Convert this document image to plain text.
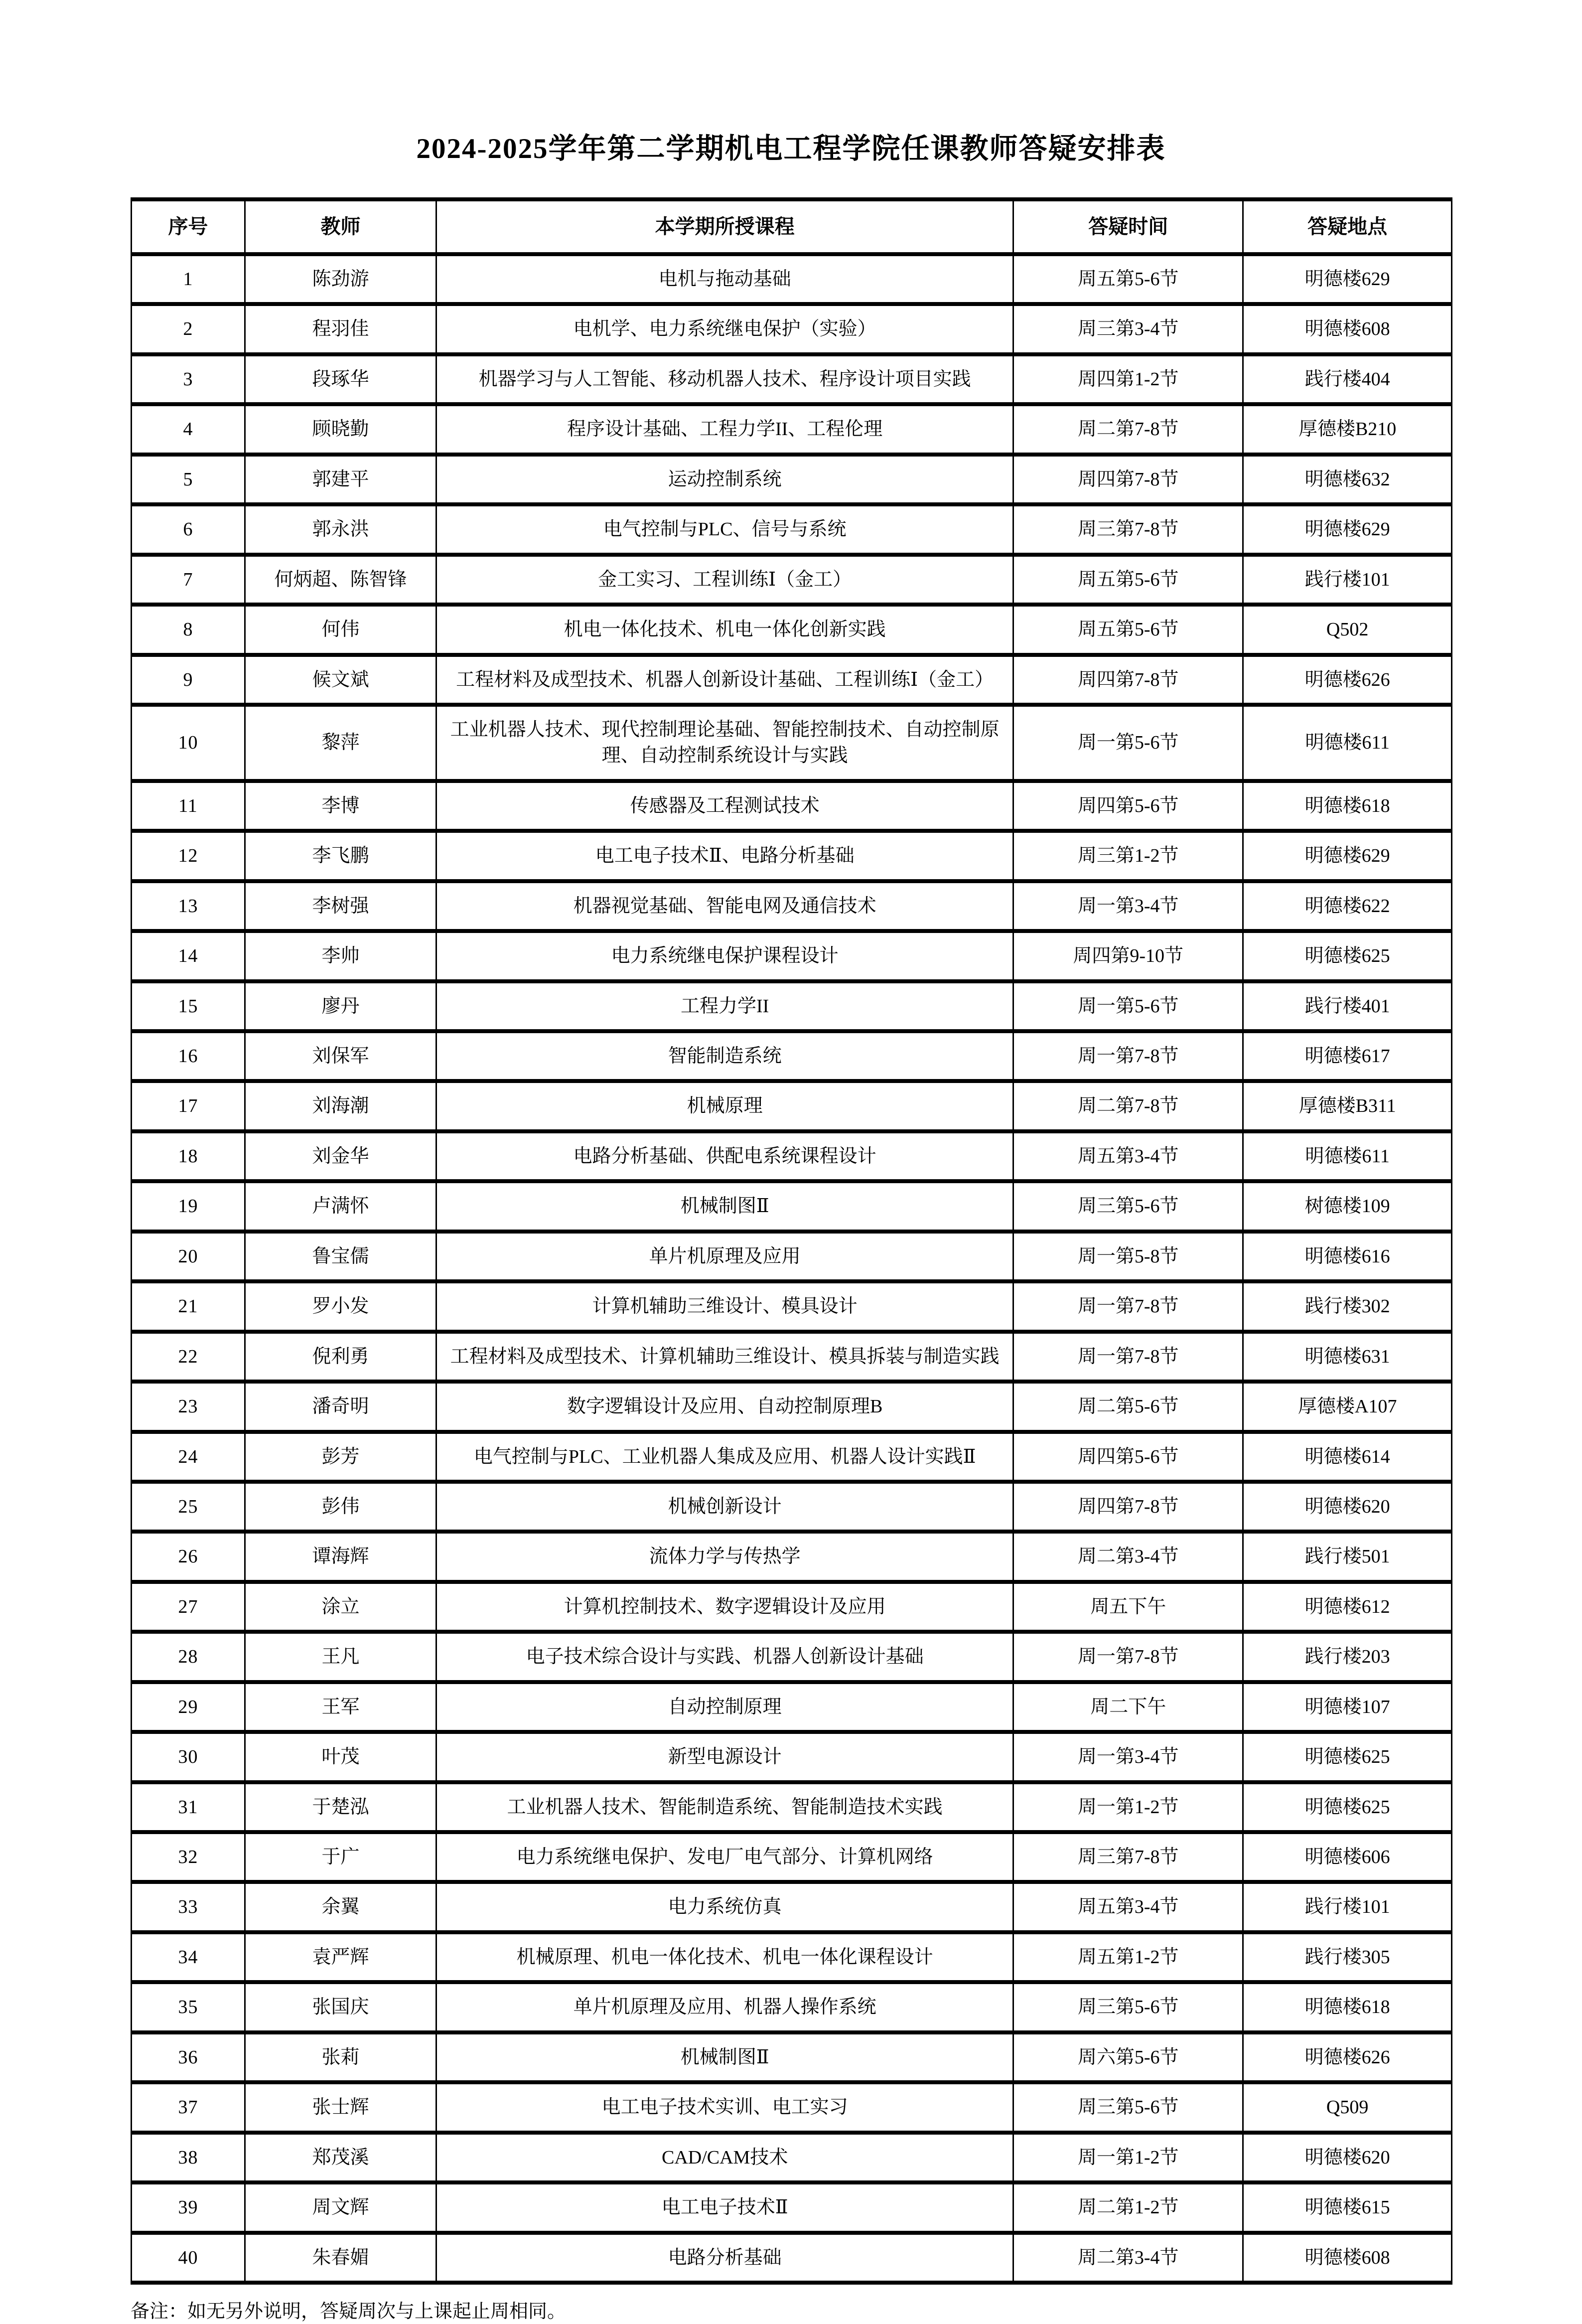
2024-2025学年第二学期机电工程学院任课教师答疑安排表
序号	教师	本学期所授课程	答疑时间	答疑地点
1	陈劲游	电机与拖动基础	周五第5-6节	明德楼629
2	程羽佳	电机学、电力系统继电保护（实验）	周三第3-4节	明德楼608
3	段琢华	机器学习与人工智能、移动机器人技术、程序设计项目实践	周四第1-2节	践行楼404
4	顾晓勤	程序设计基础、工程力学II、工程伦理	周二第7-8节	厚德楼B210
5	郭建平	运动控制系统	周四第7-8节	明德楼632
6	郭永洪	电气控制与PLC、信号与系统	周三第7-8节	明德楼629
7	何炳超、陈智锋	金工实习、工程训练Ⅰ（金工）	周五第5-6节	践行楼101
8	何伟	机电一体化技术、机电一体化创新实践	周五第5-6节	Q502
9	候文斌	工程材料及成型技术、机器人创新设计基础、工程训练Ⅰ（金工）	周四第7-8节	明德楼626
10	黎萍	工业机器人技术、现代控制理论基础、智能控制技术、自动控制原理、自动控制系统设计与实践	周一第5-6节	明德楼611
11	李博	传感器及工程测试技术	周四第5-6节	明德楼618
12	李飞鹏	电工电子技术Ⅱ、电路分析基础	周三第1-2节	明德楼629
13	李树强	机器视觉基础、智能电网及通信技术	周一第3-4节	明德楼622
14	李帅	电力系统继电保护课程设计	周四第9-10节	明德楼625
15	廖丹	工程力学II	周一第5-6节	践行楼401
16	刘保军	智能制造系统	周一第7-8节	明德楼617
17	刘海潮	机械原理	周二第7-8节	厚德楼B311
18	刘金华	电路分析基础、供配电系统课程设计	周五第3-4节	明德楼611
19	卢满怀	机械制图Ⅱ	周三第5-6节	树德楼109
20	鲁宝儒	单片机原理及应用	周一第5-8节	明德楼616
21	罗小发	计算机辅助三维设计、模具设计	周一第7-8节	践行楼302
22	倪利勇	工程材料及成型技术、计算机辅助三维设计、模具拆装与制造实践	周一第7-8节	明德楼631
23	潘奇明	数字逻辑设计及应用、自动控制原理B	周二第5-6节	厚德楼A107
24	彭芳	电气控制与PLC、工业机器人集成及应用、机器人设计实践Ⅱ	周四第5-6节	明德楼614
25	彭伟	机械创新设计	周四第7-8节	明德楼620
26	谭海辉	流体力学与传热学	周二第3-4节	践行楼501
27	涂立	计算机控制技术、数字逻辑设计及应用	周五下午	明德楼612
28	王凡	电子技术综合设计与实践、机器人创新设计基础	周一第7-8节	践行楼203
29	王军	自动控制原理	周二下午	明德楼107
30	叶茂	新型电源设计	周一第3-4节	明德楼625
31	于楚泓	工业机器人技术、智能制造系统、智能制造技术实践	周一第1-2节	明德楼625
32	于广	电力系统继电保护、发电厂电气部分、计算机网络	周三第7-8节	明德楼606
33	余翼	电力系统仿真	周五第3-4节	践行楼101
34	袁严辉	机械原理、机电一体化技术、机电一体化课程设计	周五第1-2节	践行楼305
35	张国庆	单片机原理及应用、机器人操作系统	周三第5-6节	明德楼618
36	张莉	机械制图Ⅱ	周六第5-6节	明德楼626
37	张士辉	电工电子技术实训、电工实习	周三第5-6节	Q509
38	郑茂溪	CAD/CAM技术	周一第1-2节	明德楼620
39	周文辉	电工电子技术Ⅱ	周二第1-2节	明德楼615
40	朱春媚	电路分析基础	周二第3-4节	明德楼608
备注：如无另外说明，答疑周次与上课起止周相同。
